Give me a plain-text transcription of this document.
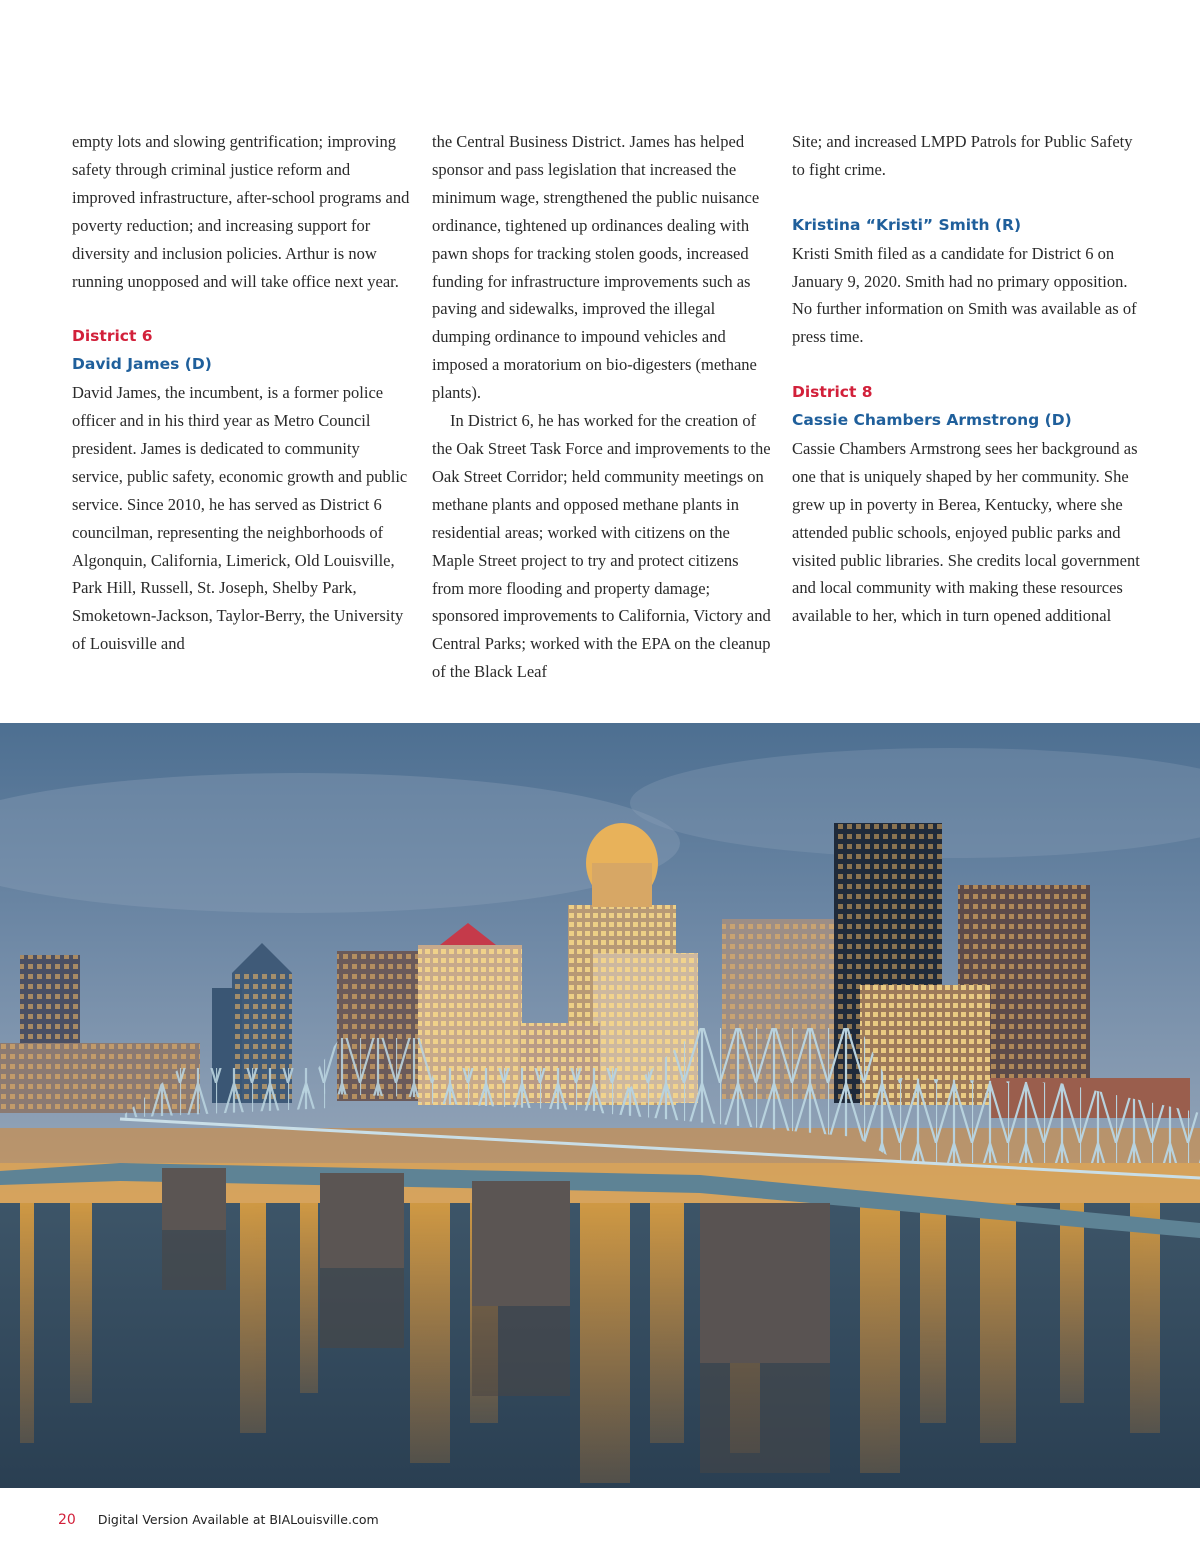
empty lots and slowing gentrification; improving safety through criminal justice reform and improved infrastructure, after-school programs and poverty reduction; and increasing support for diversity and inclusion policies. Arthur is now running unopposed and will take office next year.

District 6
David James (D)

David James, the incumbent, is a former police officer and in his third year as Metro Council president. James is dedicated to community service, public safety, economic growth and public service. Since 2010, he has served as District 6 councilman, representing the neighborhoods of Algonquin, California, Limerick, Old Louisville, Park Hill, Russell, St. Joseph, Shelby Park, Smoketown-Jackson, Taylor-Berry, the University of Louisville and

the Central Business District. James has helped sponsor and pass legislation that increased the minimum wage, strengthened the public nuisance ordinance, tightened up ordinances dealing with pawn shops for tracking stolen goods, increased funding for infrastructure improvements such as paving and sidewalks, improved the illegal dumping ordinance to impound vehicles and imposed a moratorium on bio-digesters (methane plants).

In District 6, he has worked for the creation of the Oak Street Task Force and improvements to the Oak Street Corridor; held community meetings on methane plants and opposed methane plants in residential areas; worked with citizens on the Maple Street project to try and protect citizens from more flooding and property damage; sponsored improvements to California, Victory and Central Parks; worked with the EPA on the cleanup of the Black Leaf

Site; and increased LMPD Patrols for Public Safety to fight crime.

Kristina “Kristi” Smith (R)

Kristi Smith filed as a candidate for District 6 on January 9, 2020. Smith had no primary opposition. No further information on Smith was available as of press time.

District 8
Cassie Chambers Armstrong (D)

Cassie Chambers Armstrong sees her background as one that is uniquely shaped by her community. She grew up in poverty in Berea, Kentucky, where she attended public schools, enjoyed public parks and visited public libraries. She credits local government and local community with making these resources available to her, which in turn opened additional

20 Digital Version Available at BIALouisville.com
